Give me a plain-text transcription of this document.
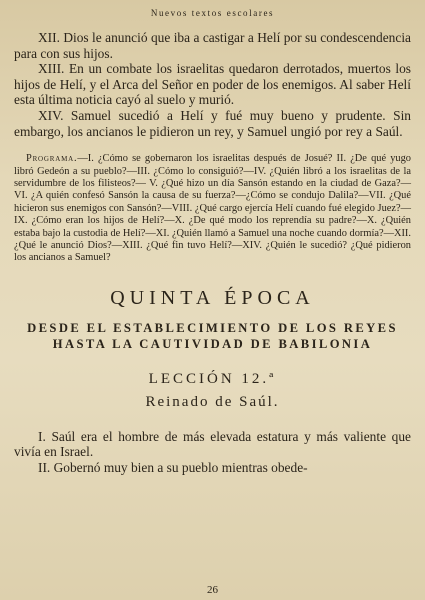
Nuevos textos escolares

XII. Dios le anunció que iba a castigar a Helí por su condescendencia para con sus hijos.

XIII. En un combate los israelitas quedaron derrotados, muertos los hijos de Helí, y el Arca del Señor en poder de los enemigos. Al saber Helí esta última noticia cayó al suelo y murió.

XIV. Samuel sucedió a Helí y fué muy bueno y prudente. Sin embargo, los ancianos le pidieron un rey, y Samuel ungió por rey a Saúl.

Programa.—I. ¿Cómo se gobernaron los israelitas después de Josué? II. ¿De qué yugo libró Gedeón a su pueblo?—III. ¿Cómo lo consiguió?—IV. ¿Quién libró a los israelitas de la servidumbre de los filisteos?— V. ¿Qué hizo un día Sansón estando en la ciudad de Gaza?—VI. ¿A quién confesó Sansón la causa de su fuerza?—¿Cómo se condujo Dalila?—VII. ¿Qué hicieron sus enemigos con Sansón?—VIII. ¿Qué cargo ejercía Helí cuando fué elegido Juez?—IX. ¿Cómo eran los hijos de Helí?—X. ¿De qué modo los reprendía su padre?—X. ¿Quién estaba bajo la custodia de Helí?—XI. ¿Quién llamó a Samuel una noche cuando dormía?—XII. ¿Qué le anunció Dios?—XIII. ¿Qué fin tuvo Helí?—XIV. ¿Quién le sucedió? ¿Qué pidieron los ancianos a Samuel?

QUINTA ÉPOCA
DESDE EL ESTABLECIMIENTO DE LOS REYES HASTA LA CAUTIVIDAD DE BABILONIA
LECCIÓN 12.ª
Reinado de Saúl.

I. Saúl era el hombre de más elevada estatura y más valiente que vivía en Israel.

II. Gobernó muy bien a su pueblo mientras obede-

26
